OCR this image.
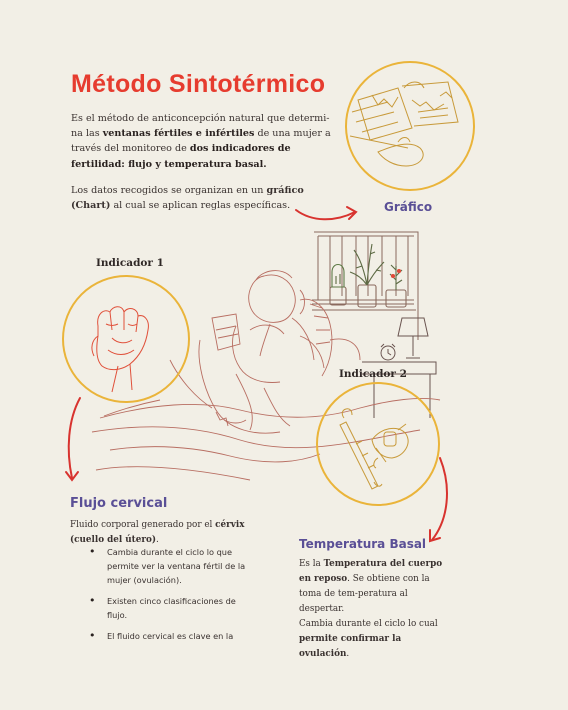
Método Sintotérmico

Es el método de anticoncepción natural que determi-na las ventanas fértiles e infértiles de una mujer a través del monitoreo de dos indicadores de fertilidad: flujo y temperatura basal.

Los datos recogidos se organizan en un gráfico (Chart) al cual se aplican reglas específicas.	Gráfico
Indicador 1
Indicador 2
Flujo cervical

Fluido corporal generado por el cérvix (cuello del útero).

• Cambia durante el ciclo lo que permite ver la ventana fértil de la mujer (ovulación).
• Existen cinco clasificaciones de flujo.
• El fluido cervical es clave en la
Temperatura Basal

Es la Temperatura del cuerpo en reposo. Se obtiene con la toma de tem-peratura al despertar.
Cambia durante el ciclo lo cual permite confirmar la ovulación.
